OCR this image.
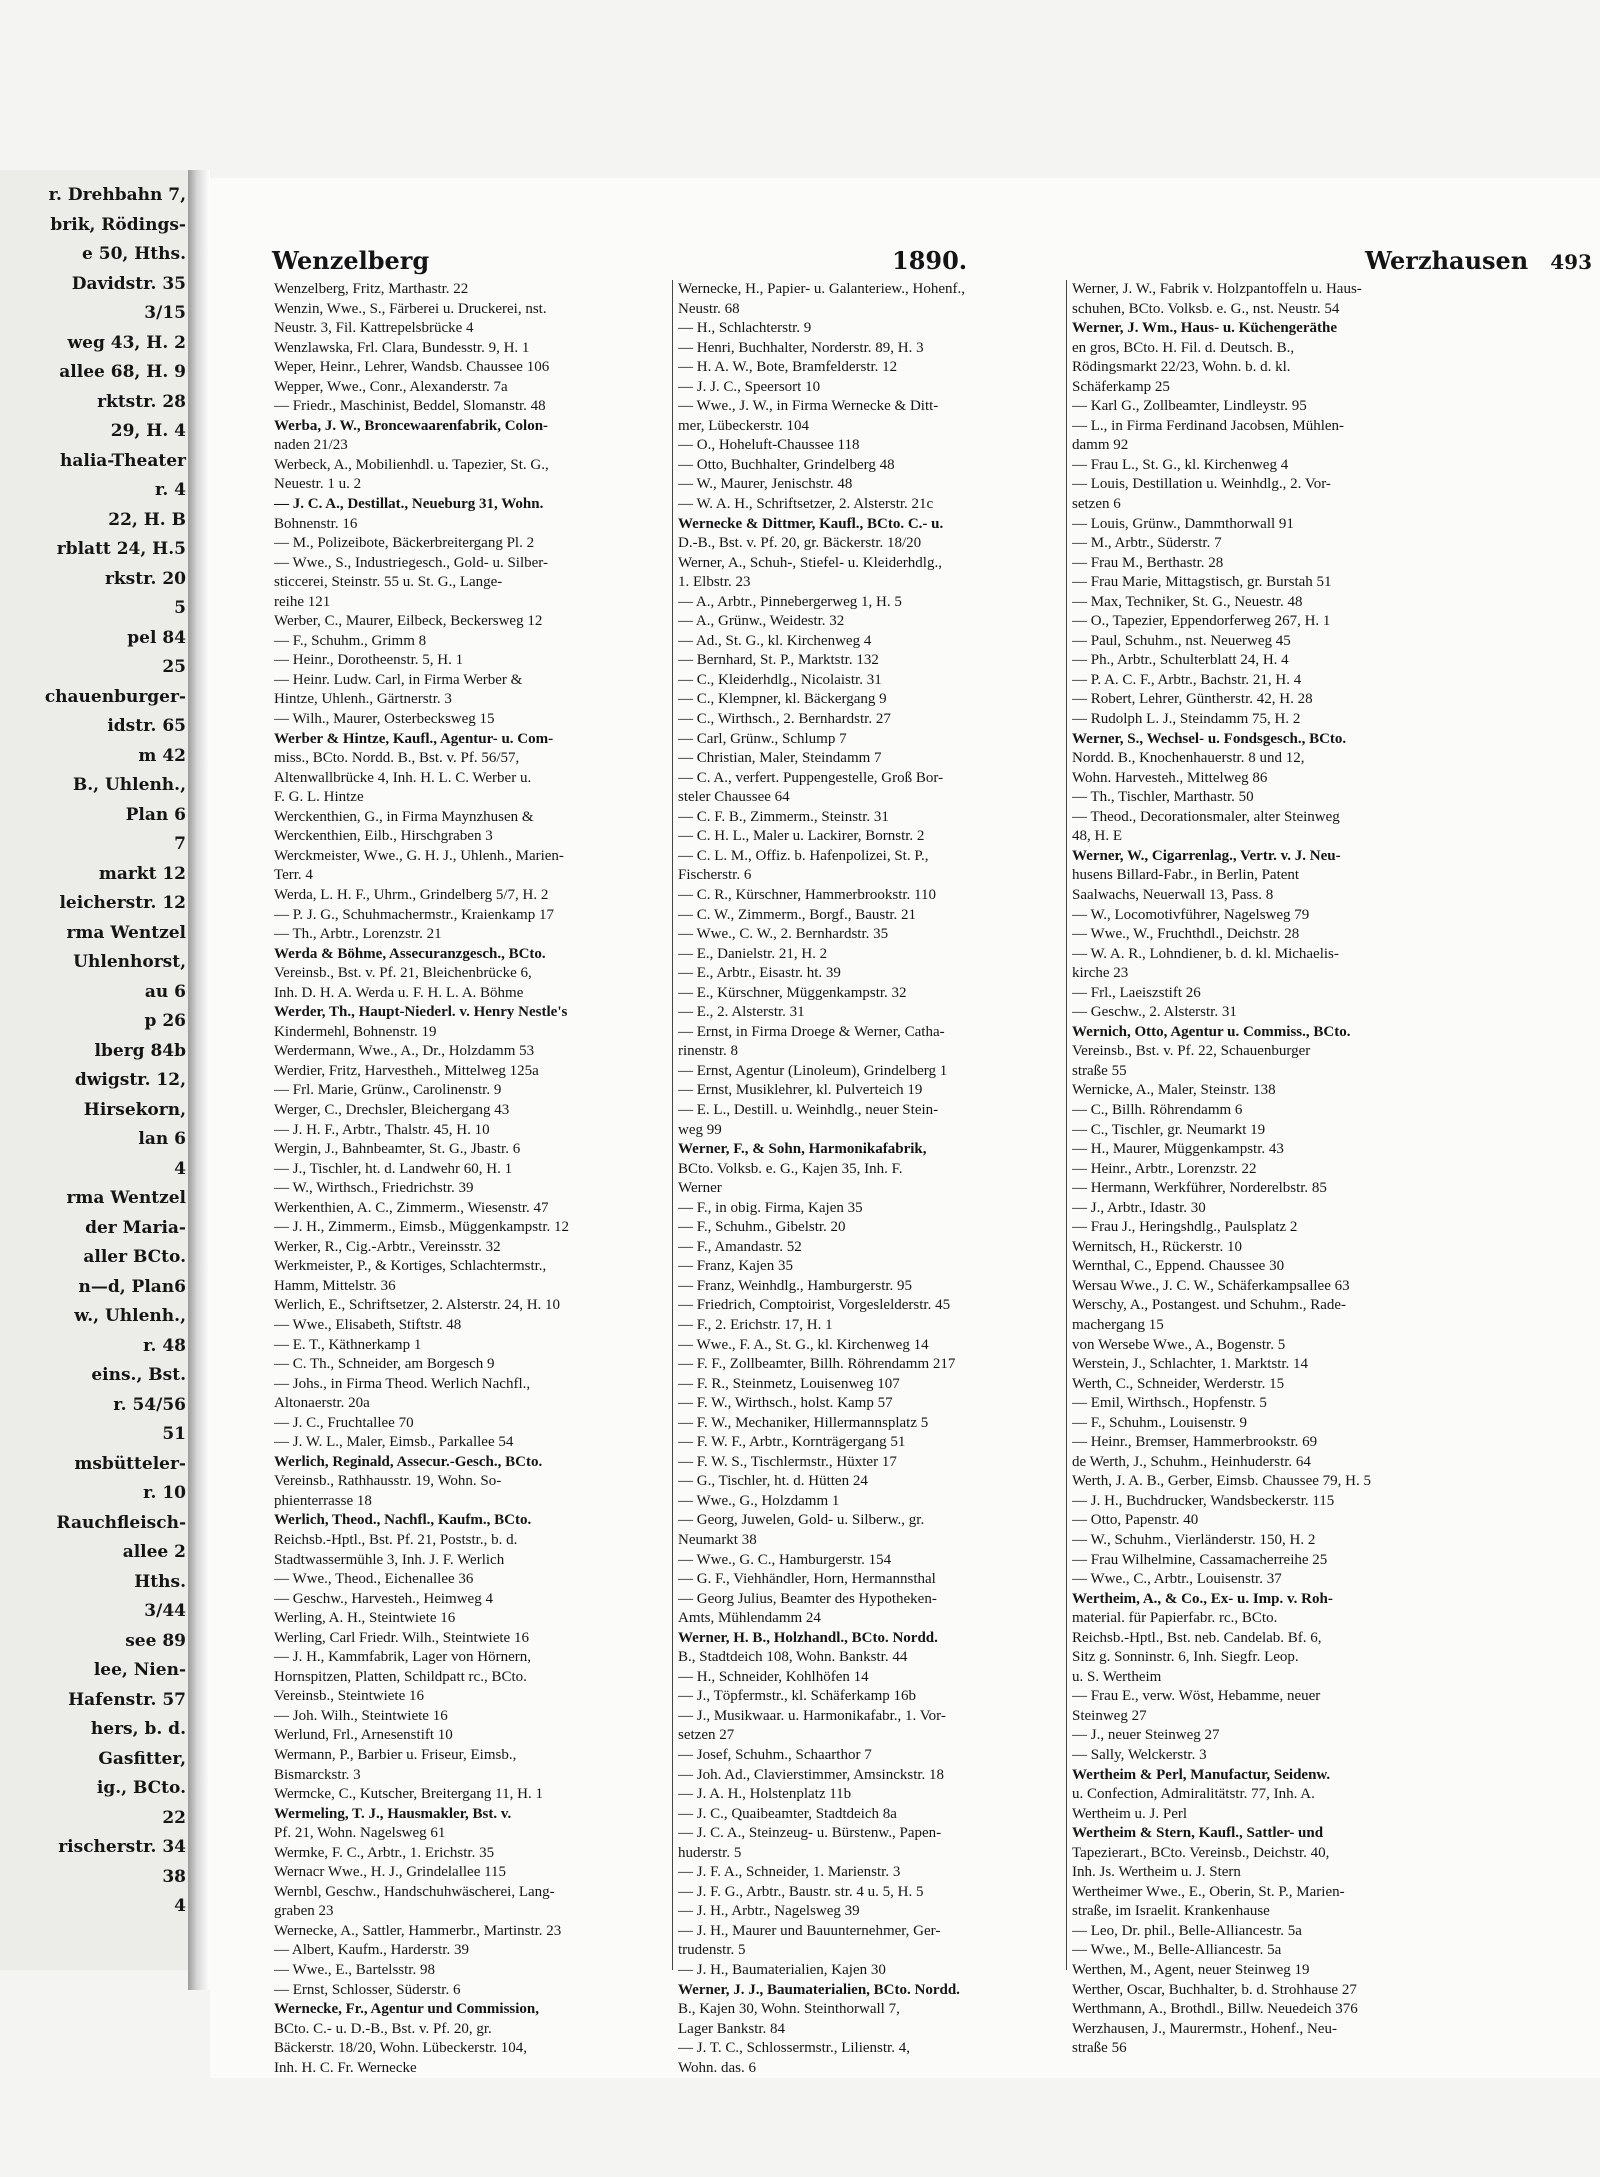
r. Drehbahn 7,
brik, Rödings-
e 50, Hths.
Davidstr. 35
3/15
weg 43, H. 2
allee 68, H. 9
rktstr. 28
29, H. 4
halia-Theater
r. 4
22, H. B
rblatt 24, H.5
rkstr. 20
5
pel 84
25
chauenburger-
idstr. 65
m 42
B., Uhlenh.,
Plan 6
7
markt 12
leicherstr. 12
rma Wentzel
Uhlenhorst,
au 6
p 26
lberg 84b
dwigstr. 12,
Hirsekorn,
lan 6
4
rma Wentzel
der Maria-
aller BCto.
n—d, Plan6
w., Uhlenh.,
r. 48
eins., Bst.
r. 54/56
51
msbütteler-
r. 10
Rauchfleisch-
allee 2
Hths.
3/44
see 89
lee, Nien-
Hafenstr. 57
hers, b. d.
Gasfitter,
ig., BCto.
22
rischerstr. 34
38
4
Wenzelberg	1890.	Werzhausen 493
Wenzelberg, Fritz, Marthastr. 22
Wenzin, Wwe., S., Färberei u. Druckerei, nst.
Neustr. 3, Fil. Kattrepelsbrücke 4
Wenzlawska, Frl. Clara, Bundesstr. 9, H. 1
Weper, Heinr., Lehrer, Wandsb. Chaussee 106
Wepper, Wwe., Conr., Alexanderstr. 7a
— Friedr., Maschinist, Beddel, Slomanstr. 48
Werba, J. W., Broncewaarenfabrik, Colon-
naden 21/23
Werbeck, A., Mobilienhdl. u. Tapezier, St. G.,
Neuestr. 1 u. 2
— J. C. A., Destillat., Neueburg 31, Wohn.
Bohnenstr. 16
— M., Polizeibote, Bäckerbreitergang Pl. 2
— Wwe., S., Industriegesch., Gold- u. Silber-
sticcerei, Steinstr. 55 u. St. G., Lange-
reihe 121
Werber, C., Maurer, Eilbeck, Beckersweg 12
— F., Schuhm., Grimm 8
— Heinr., Dorotheenstr. 5, H. 1
— Heinr. Ludw. Carl, in Firma Werber &
Hintze, Uhlenh., Gärtnerstr. 3
— Wilh., Maurer, Osterbecksweg 15
Werber & Hintze, Kaufl., Agentur- u. Com-
miss., BCto. Nordd. B., Bst. v. Pf. 56/57,
Altenwallbrücke 4, Inh. H. L. C. Werber u.
F. G. L. Hintze
Werckenthien, G., in Firma Maynzhusen &
Werckenthien, Eilb., Hirschgraben 3
Werckmeister, Wwe., G. H. J., Uhlenh., Marien-
Terr. 4
Werda, L. H. F., Uhrm., Grindelberg 5/7, H. 2
— P. J. G., Schuhmachermstr., Kraienkamp 17
— Th., Arbtr., Lorenzstr. 21
Werda & Böhme, Assecuranzgesch., BCto.
Vereinsb., Bst. v. Pf. 21, Bleichenbrücke 6,
Inh. D. H. A. Werda u. F. H. L. A. Böhme
Werder, Th., Haupt-Niederl. v. Henry Nestle's
Kindermehl, Bohnenstr. 19
Werdermann, Wwe., A., Dr., Holzdamm 53
Werdier, Fritz, Harvestheh., Mittelweg 125a
— Frl. Marie, Grünw., Carolinenstr. 9
Werger, C., Drechsler, Bleichergang 43
— J. H. F., Arbtr., Thalstr. 45, H. 10
Wergin, J., Bahnbeamter, St. G., Jbastr. 6
— J., Tischler, ht. d. Landwehr 60, H. 1
— W., Wirthsch., Friedrichstr. 39
Werkenthien, A. C., Zimmerm., Wiesenstr. 47
— J. H., Zimmerm., Eimsb., Müggenkampstr. 12
Werker, R., Cig.-Arbtr., Vereinsstr. 32
Werkmeister, P., & Kortiges, Schlachtermstr.,
Hamm, Mittelstr. 36
Werlich, E., Schriftsetzer, 2. Alsterstr. 24, H. 10
— Wwe., Elisabeth, Stiftstr. 48
— E. T., Käthnerkamp 1
— C. Th., Schneider, am Borgesch 9
— Johs., in Firma Theod. Werlich Nachfl.,
Altonaerstr. 20a
— J. C., Fruchtallee 70
— J. W. L., Maler, Eimsb., Parkallee 54
Werlich, Reginald, Assecur.-Gesch., BCto.
Vereinsb., Rathhausstr. 19, Wohn. So-
phienterrasse 18
Werlich, Theod., Nachfl., Kaufm., BCto.
Reichsb.-Hptl., Bst. Pf. 21, Poststr., b. d.
Stadtwassermühle 3, Inh. J. F. Werlich
— Wwe., Theod., Eichenallee 36
— Geschw., Harvesteh., Heimweg 4
Werling, A. H., Steintwiete 16
Werling, Carl Friedr. Wilh., Steintwiete 16
— J. H., Kammfabrik, Lager von Hörnern,
Hornspitzen, Platten, Schildpatt rc., BCto.
Vereinsb., Steintwiete 16
— Joh. Wilh., Steintwiete 16
Werlund, Frl., Arnesenstift 10
Wermann, P., Barbier u. Friseur, Eimsb.,
Bismarckstr. 3
Wermcke, C., Kutscher, Breitergang 11, H. 1
Wermeling, T. J., Hausmakler, Bst. v.
Pf. 21, Wohn. Nagelsweg 61
Wermke, F. C., Arbtr., 1. Erichstr. 35
Wernacr Wwe., H. J., Grindelallee 115
Wernbl, Geschw., Handschuhwäscherei, Lang-
graben 23
Wernecke, A., Sattler, Hammerbr., Martinstr. 23
— Albert, Kaufm., Harderstr. 39
— Wwe., E., Bartelsstr. 98
— Ernst, Schlosser, Süderstr. 6
Wernecke, Fr., Agentur und Commission,
BCto. C.- u. D.-B., Bst. v. Pf. 20, gr.
Bäckerstr. 18/20, Wohn. Lübeckerstr. 104,
Inh. H. C. Fr. Wernecke
Wernecke, H., Papier- u. Galanteriew., Hohenf.,
Neustr. 68
— H., Schlachterstr. 9
— Henri, Buchhalter, Norderstr. 89, H. 3
— H. A. W., Bote, Bramfelderstr. 12
— J. J. C., Speersort 10
— Wwe., J. W., in Firma Wernecke & Ditt-
mer, Lübeckerstr. 104
— O., Hoheluft-Chaussee 118
— Otto, Buchhalter, Grindelberg 48
— W., Maurer, Jenischstr. 48
— W. A. H., Schriftsetzer, 2. Alsterstr. 21c
Wernecke & Dittmer, Kaufl., BCto. C.- u.
D.-B., Bst. v. Pf. 20, gr. Bäckerstr. 18/20
Werner, A., Schuh-, Stiefel- u. Kleiderhdlg.,
1. Elbstr. 23
— A., Arbtr., Pinnebergerweg 1, H. 5
— A., Grünw., Weidestr. 32
— Ad., St. G., kl. Kirchenweg 4
— Bernhard, St. P., Marktstr. 132
— C., Kleiderhdlg., Nicolaistr. 31
— C., Klempner, kl. Bäckergang 9
— C., Wirthsch., 2. Bernhardstr. 27
— Carl, Grünw., Schlump 7
— Christian, Maler, Steindamm 7
— C. A., verfert. Puppengestelle, Groß Bor-
steler Chaussee 64
— C. F. B., Zimmerm., Steinstr. 31
— C. H. L., Maler u. Lackirer, Bornstr. 2
— C. L. M., Offiz. b. Hafenpolizei, St. P.,
Fischerstr. 6
— C. R., Kürschner, Hammerbrookstr. 110
— C. W., Zimmerm., Borgf., Baustr. 21
— Wwe., C. W., 2. Bernhardstr. 35
— E., Danielstr. 21, H. 2
— E., Arbtr., Eisastr. ht. 39
— E., Kürschner, Müggenkampstr. 32
— E., 2. Alsterstr. 31
— Ernst, in Firma Droege & Werner, Catha-
rinenstr. 8
— Ernst, Agentur (Linoleum), Grindelberg 1
— Ernst, Musiklehrer, kl. Pulverteich 19
— E. L., Destill. u. Weinhdlg., neuer Stein-
weg 99
Werner, F., & Sohn, Harmonikafabrik,
BCto. Volksb. e. G., Kajen 35, Inh. F.
Werner
— F., in obig. Firma, Kajen 35
— F., Schuhm., Gibelstr. 20
— F., Amandastr. 52
— Franz, Kajen 35
— Franz, Weinhdlg., Hamburgerstr. 95
— Friedrich, Comptoirist, Vorgeslelderstr. 45
— F., 2. Erichstr. 17, H. 1
— Wwe., F. A., St. G., kl. Kirchenweg 14
— F. F., Zollbeamter, Billh. Röhrendamm 217
— F. R., Steinmetz, Louisenweg 107
— F. W., Wirthsch., holst. Kamp 57
— F. W., Mechaniker, Hillermannsplatz 5
— F. W. F., Arbtr., Kornträgergang 51
— F. W. S., Tischlermstr., Hüxter 17
— G., Tischler, ht. d. Hütten 24
— Wwe., G., Holzdamm 1
— Georg, Juwelen, Gold- u. Silberw., gr.
Neumarkt 38
— Wwe., G. C., Hamburgerstr. 154
— G. F., Viehhändler, Horn, Hermannsthal
— Georg Julius, Beamter des Hypotheken-
Amts, Mühlendamm 24
Werner, H. B., Holzhandl., BCto. Nordd.
B., Stadtdeich 108, Wohn. Bankstr. 44
— H., Schneider, Kohlhöfen 14
— J., Töpfermstr., kl. Schäferkamp 16b
— J., Musikwaar. u. Harmonikafabr., 1. Vor-
setzen 27
— Josef, Schuhm., Schaarthor 7
— Joh. Ad., Clavierstimmer, Amsinckstr. 18
— J. A. H., Holstenplatz 11b
— J. C., Quaibeamter, Stadtdeich 8a
— J. C. A., Steinzeug- u. Bürstenw., Papen-
huderstr. 5
— J. F. A., Schneider, 1. Marienstr. 3
— J. F. G., Arbtr., Baustr. str. 4 u. 5, H. 5
— J. H., Arbtr., Nagelsweg 39
— J. H., Maurer und Bauunternehmer, Ger-
trudenstr. 5
— J. H., Baumaterialien, Kajen 30
Werner, J. J., Baumaterialien, BCto. Nordd.
B., Kajen 30, Wohn. Steinthorwall 7,
Lager Bankstr. 84
— J. T. C., Schlossermstr., Lilienstr. 4,
Wohn. das. 6
Werner, J. W., Fabrik v. Holzpantoffeln u. Haus-
schuhen, BCto. Volksb. e. G., nst. Neustr. 54
Werner, J. Wm., Haus- u. Küchengeräthe
en gros, BCto. H. Fil. d. Deutsch. B.,
Rödingsmarkt 22/23, Wohn. b. d. kl.
Schäferkamp 25
— Karl G., Zollbeamter, Lindleystr. 95
— L., in Firma Ferdinand Jacobsen, Mühlen-
damm 92
— Frau L., St. G., kl. Kirchenweg 4
— Louis, Destillation u. Weinhdlg., 2. Vor-
setzen 6
— Louis, Grünw., Dammthorwall 91
— M., Arbtr., Süderstr. 7
— Frau M., Berthastr. 28
— Frau Marie, Mittagstisch, gr. Burstah 51
— Max, Techniker, St. G., Neuestr. 48
— O., Tapezier, Eppendorferweg 267, H. 1
— Paul, Schuhm., nst. Neuerweg 45
— Ph., Arbtr., Schulterblatt 24, H. 4
— P. A. C. F., Arbtr., Bachstr. 21, H. 4
— Robert, Lehrer, Güntherstr. 42, H. 28
— Rudolph L. J., Steindamm 75, H. 2
Werner, S., Wechsel- u. Fondsgesch., BCto.
Nordd. B., Knochenhauerstr. 8 und 12,
Wohn. Harvesteh., Mittelweg 86
— Th., Tischler, Marthastr. 50
— Theod., Decorationsmaler, alter Steinweg
48, H. E
Werner, W., Cigarrenlag., Vertr. v. J. Neu-
husens Billard-Fabr., in Berlin, Patent
Saalwachs, Neuerwall 13, Pass. 8
— W., Locomotivführer, Nagelsweg 79
— Wwe., W., Fruchthdl., Deichstr. 28
— W. A. R., Lohndiener, b. d. kl. Michaelis-
kirche 23
— Frl., Laeiszstift 26
— Geschw., 2. Alsterstr. 31
Wernich, Otto, Agentur u. Commiss., BCto.
Vereinsb., Bst. v. Pf. 22, Schauenburger
straße 55
Wernicke, A., Maler, Steinstr. 138
— C., Billh. Röhrendamm 6
— C., Tischler, gr. Neumarkt 19
— H., Maurer, Müggenkampstr. 43
— Heinr., Arbtr., Lorenzstr. 22
— Hermann, Werkführer, Norderelbstr. 85
— J., Arbtr., Idastr. 30
— Frau J., Heringshdlg., Paulsplatz 2
Wernitsch, H., Rückerstr. 10
Wernthal, C., Eppend. Chaussee 30
Wersau Wwe., J. C. W., Schäferkampsallee 63
Werschy, A., Postangest. und Schuhm., Rade-
machergang 15
von Wersebe Wwe., A., Bogenstr. 5
Werstein, J., Schlachter, 1. Marktstr. 14
Werth, C., Schneider, Werderstr. 15
— Emil, Wirthsch., Hopfenstr. 5
— F., Schuhm., Louisenstr. 9
— Heinr., Bremser, Hammerbrookstr. 69
de Werth, J., Schuhm., Heinhuderstr. 64
Werth, J. A. B., Gerber, Eimsb. Chaussee 79, H. 5
— J. H., Buchdrucker, Wandsbeckerstr. 115
— Otto, Papenstr. 40
— W., Schuhm., Vierländerstr. 150, H. 2
— Frau Wilhelmine, Cassamacherreihe 25
— Wwe., C., Arbtr., Louisenstr. 37
Wertheim, A., & Co., Ex- u. Imp. v. Roh-
material. für Papierfabr. rc., BCto.
Reichsb.-Hptl., Bst. neb. Candelab. Bf. 6,
Sitz g. Sonninstr. 6, Inh. Siegfr. Leop.
u. S. Wertheim
— Frau E., verw. Wöst, Hebamme, neuer
Steinweg 27
— J., neuer Steinweg 27
— Sally, Welckerstr. 3
Wertheim & Perl, Manufactur, Seidenw.
u. Confection, Admiralitätstr. 77, Inh. A.
Wertheim u. J. Perl
Wertheim & Stern, Kaufl., Sattler- und
Tapezierart., BCto. Vereinsb., Deichstr. 40,
Inh. Js. Wertheim u. J. Stern
Wertheimer Wwe., E., Oberin, St. P., Marien-
straße, im Israelit. Krankenhause
— Leo, Dr. phil., Belle-Alliancestr. 5a
— Wwe., M., Belle-Alliancestr. 5a
Werthen, M., Agent, neuer Steinweg 19
Werther, Oscar, Buchhalter, b. d. Strohhause 27
Werthmann, A., Brothdl., Billw. Neuedeich 376
Werzhausen, J., Maurermstr., Hohenf., Neu-
straße 56
